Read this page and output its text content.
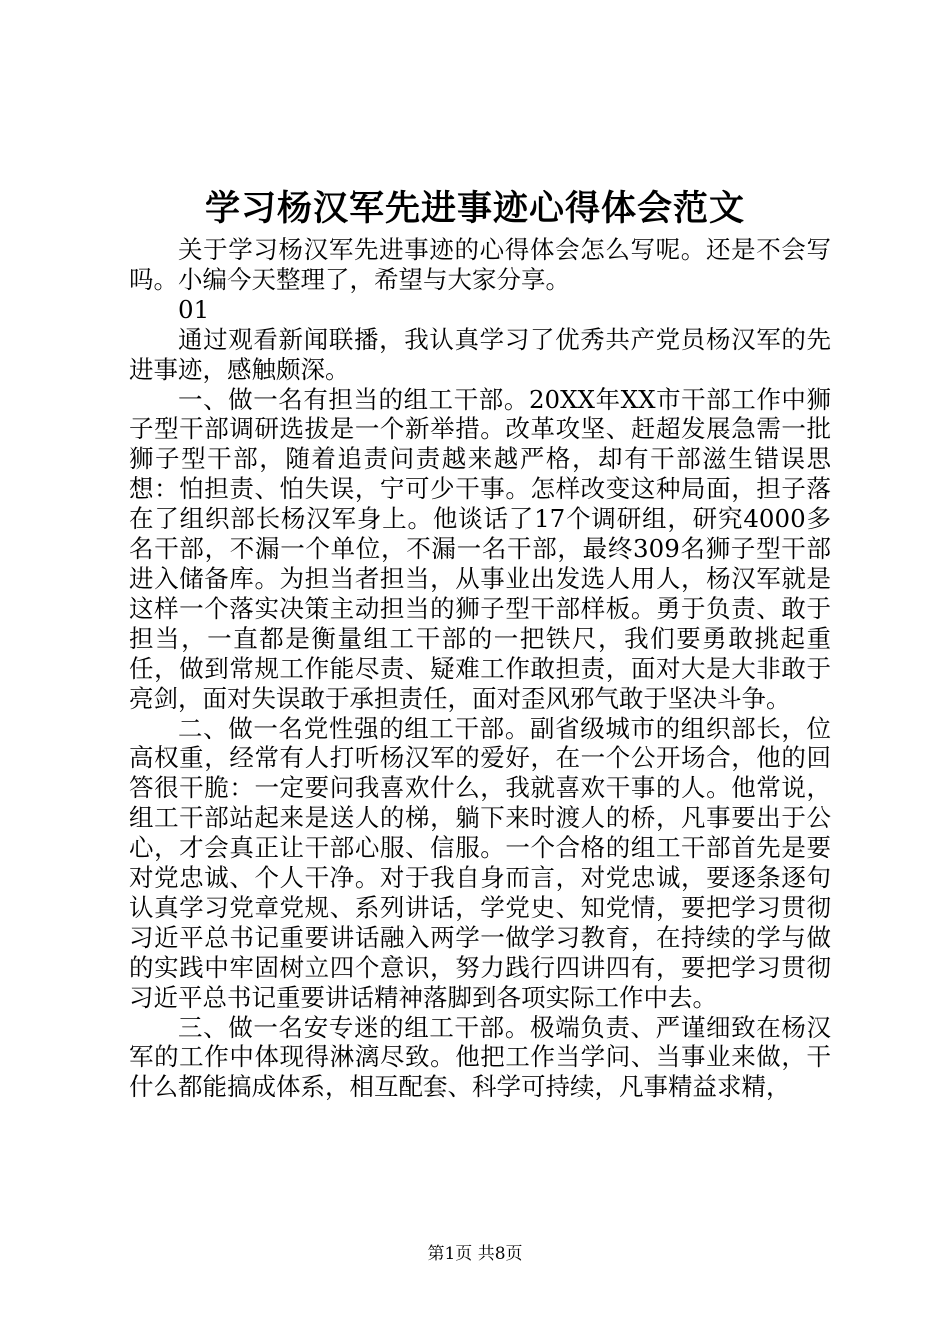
学习杨汉军先进事迹心得体会范文

关于学习杨汉军先进事迹的心得体会怎么写呢。还是不会写吗。小编今天整理了，希望与大家分享。

01

通过观看新闻联播，我认真学习了优秀共产党员杨汉军的先进事迹，感触颇深。

一、做一名有担当的组工干部。20XX年XX市干部工作中狮子型干部调研选拔是一个新举措。改革攻坚、赶超发展急需一批狮子型干部，随着追责问责越来越严格，却有干部滋生错误思想：怕担责、怕失误，宁可少干事。怎样改变这种局面，担子落在了组织部长杨汉军身上。他谈话了17个调研组，研究4000多名干部，不漏一个单位，不漏一名干部，最终309名狮子型干部进入储备库。为担当者担当，从事业出发选人用人，杨汉军就是这样一个落实决策主动担当的狮子型干部样板。勇于负责、敢于担当，一直都是衡量组工干部的一把铁尺，我们要勇敢挑起重任，做到常规工作能尽责、疑难工作敢担责，面对大是大非敢于亮剑，面对失误敢于承担责任，面对歪风邪气敢于坚决斗争。

二、做一名党性强的组工干部。副省级城市的组织部长，位高权重，经常有人打听杨汉军的爱好，在一个公开场合，他的回答很干脆：一定要问我喜欢什么，我就喜欢干事的人。他常说，组工干部站起来是送人的梯，躺下来时渡人的桥，凡事要出于公心，才会真正让干部心服、信服。一个合格的组工干部首先是要对党忠诚、个人干净。对于我自身而言，对党忠诚，要逐条逐句认真学习党章党规、系列讲话，学党史、知党情，要把学习贯彻习近平总书记重要讲话融入两学一做学习教育，在持续的学与做的实践中牢固树立四个意识，努力践行四讲四有，要把学习贯彻习近平总书记重要讲话精神落脚到各项实际工作中去。

三、做一名安专迷的组工干部。极端负责、严谨细致在杨汉军的工作中体现得淋漓尽致。他把工作当学问、当事业来做，干什么都能搞成体系，相互配套、科学可持续，凡事精益求精，

第1页 共8页
